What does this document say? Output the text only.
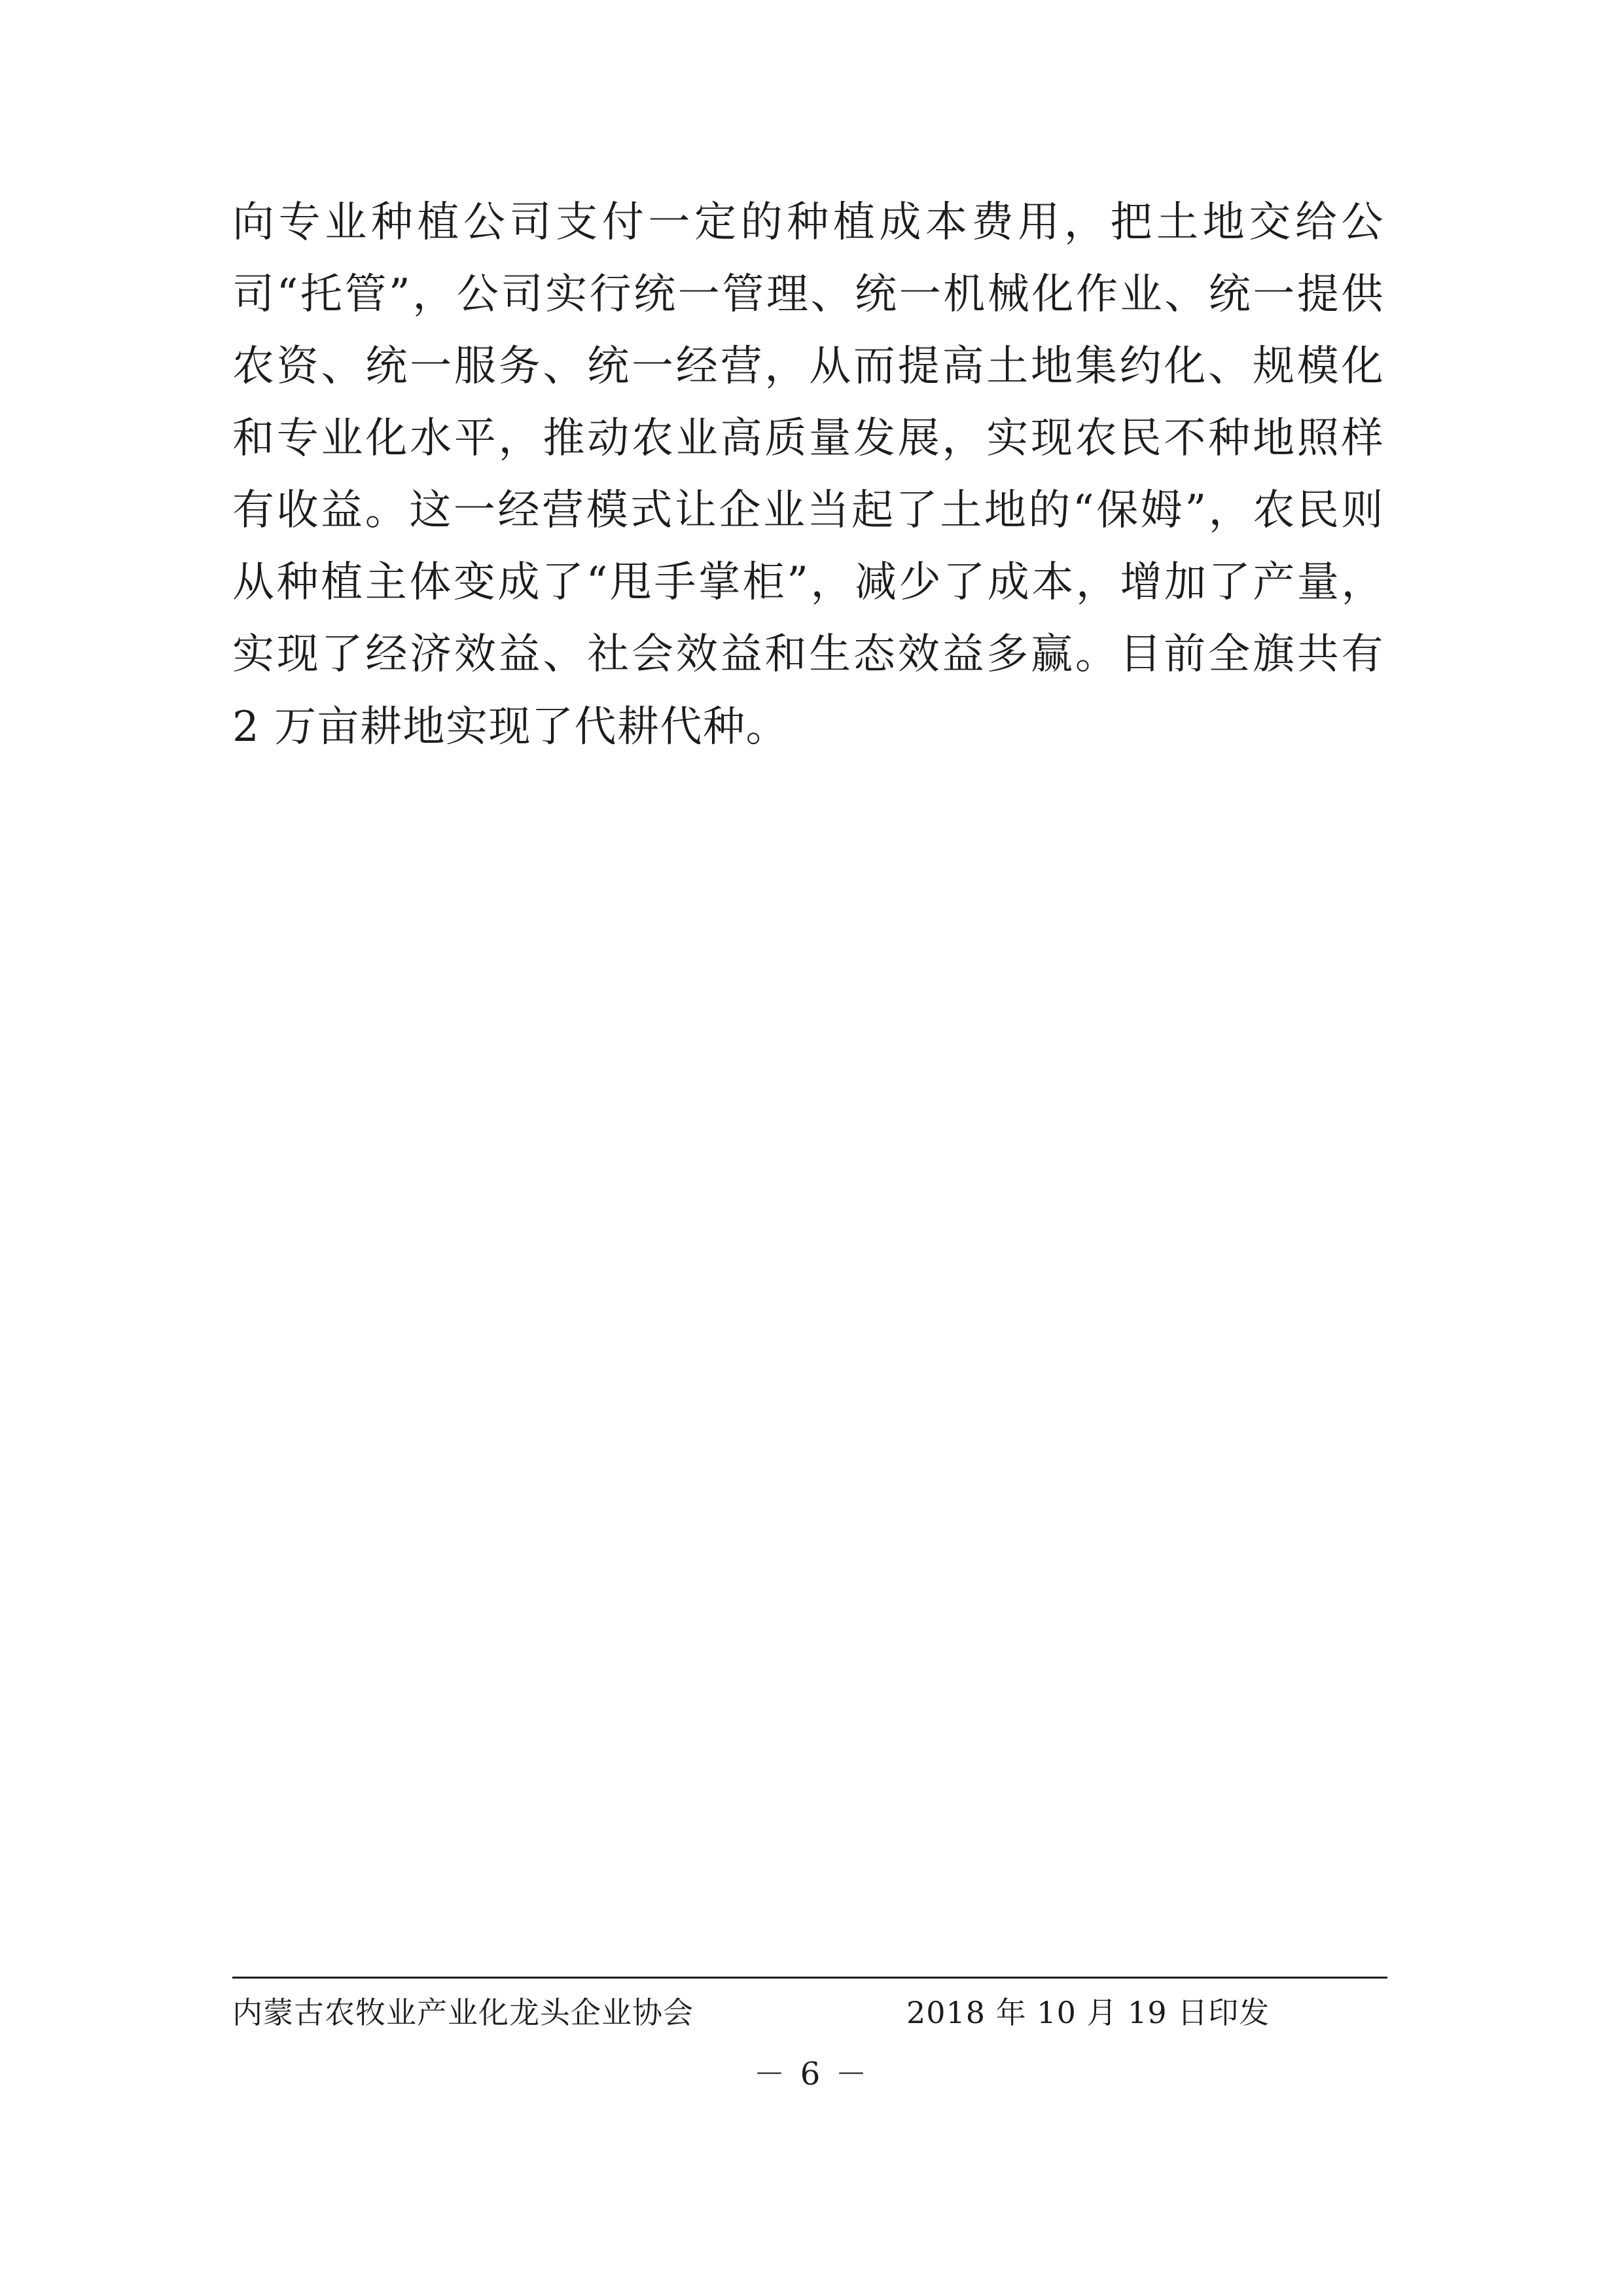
向专业种植公司支付一定的种植成本费用，把土地交给公司“托管”，公司实行统一管理、统一机械化作业、统一提供农资、统一服务、统一经营，从而提高土地集约化、规模化和专业化水平，推动农业高质量发展，实现农民不种地照样有收益。这一经营模式让企业当起了土地的“保姆”，农民则从种植主体变成了“甩手掌柜”，减少了成本，增加了产量，实现了经济效益、社会效益和生态效益多赢。目前全旗共有 2 万亩耕地实现了代耕代种。

内蒙古农牧业产业化龙头企业协会	2018 年 10 月 19 日印发
－ 6 －
